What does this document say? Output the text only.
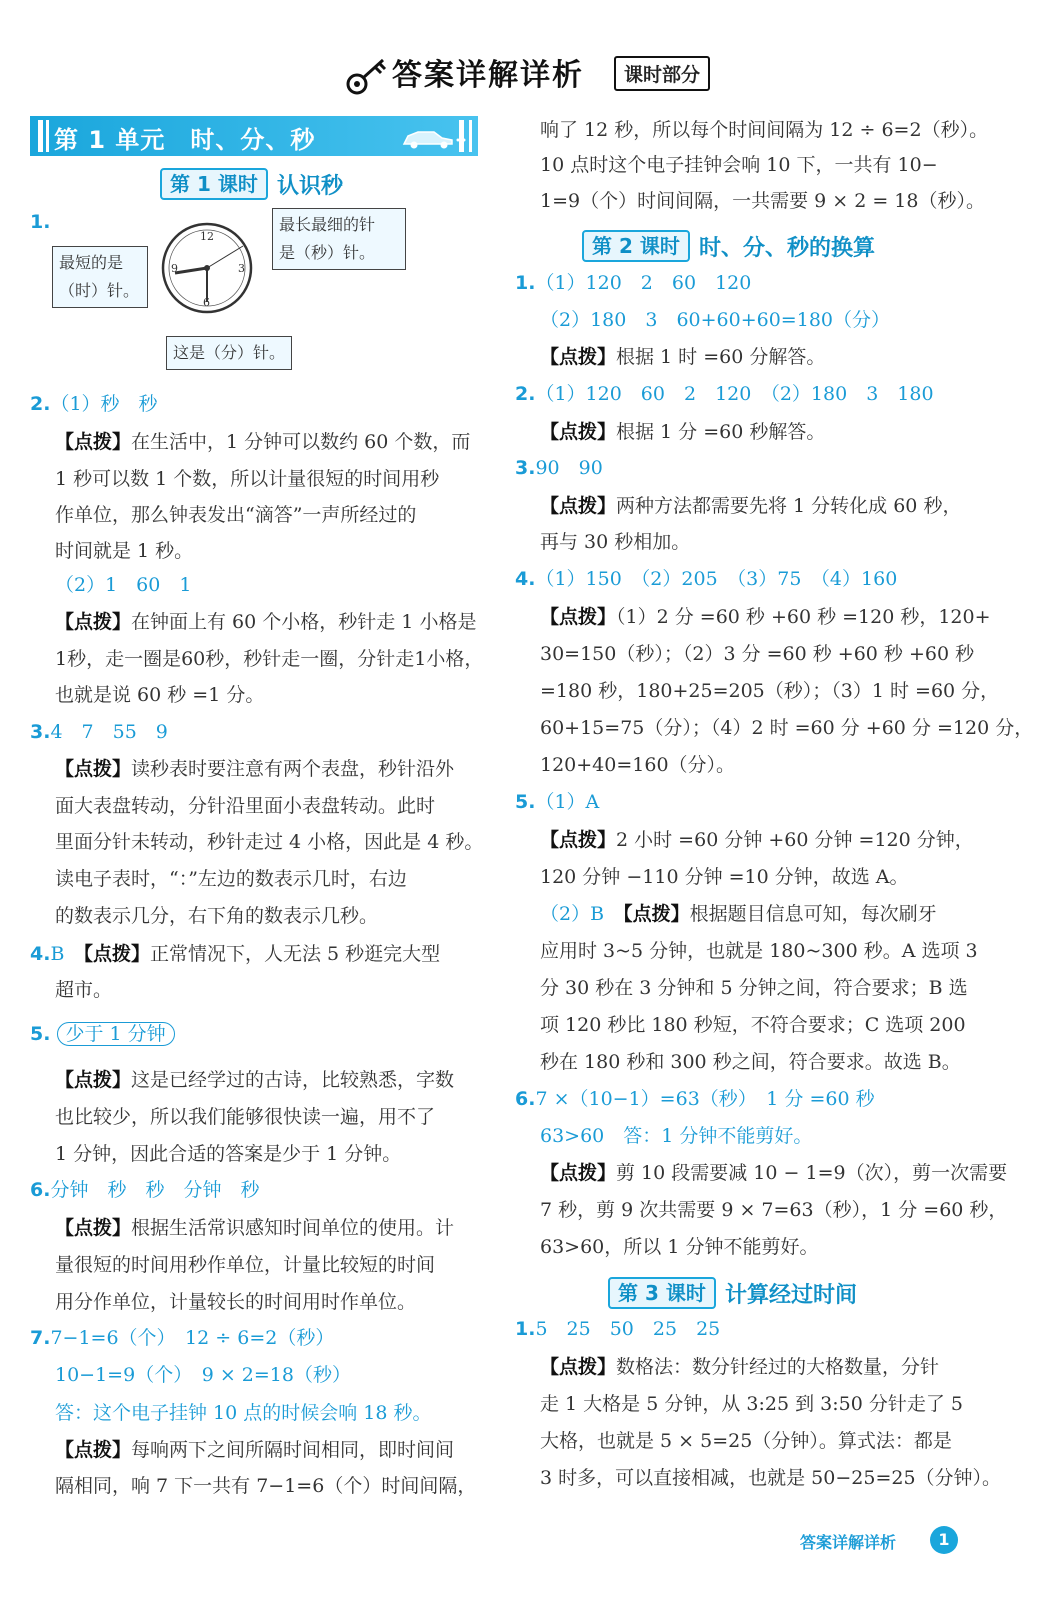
答案详解详析	课时部分
第 1 单元　时、分、秒
第 1 课时 认识秒
1.
12
3
6
9
最长最细的针
是（秒）针。
最短的是
（时）针。
这是（分）针。
2.（1）秒　秒
【点拨】在生活中，1 分钟可以数约 60 个数，而
1 秒可以数 1 个数，所以计量很短的时间用秒
作单位，那么钟表发出“滴答”一声所经过的
时间就是 1 秒。
（2）1　60　1
【点拨】在钟面上有 60 个小格，秒针走 1 小格是
1秒，走一圈是60秒，秒针走一圈，分针走1小格，
也就是说 60 秒 =1 分。
3.4　7　55　9
【点拨】读秒表时要注意有两个表盘，秒针沿外
面大表盘转动，分针沿里面小表盘转动。此时
里面分针未转动，秒针走过 4 小格，因此是 4 秒。
读电子表时，“：”左边的数表示几时，右边
的数表示几分，右下角的数表示几秒。
4.B　 【点拨】正常情况下，人无法 5 秒逛完大型
超市。
5. 少于 1 分钟
【点拨】这是已经学过的古诗，比较熟悉，字数
也比较少，所以我们能够很快读一遍，用不了
1 分钟，因此合适的答案是少于 1 分钟。
6.分钟　秒　秒　分钟　秒
【点拨】根据生活常识感知时间单位的使用。计
量很短的时间用秒作单位，计量比较短的时间
用分作单位，计量较长的时间用时作单位。
7.7−1=6（个）　12 ÷ 6=2（秒）
10−1=9（个）　9 × 2=18（秒）
答：这个电子挂钟 10 点的时候会响 18 秒。
【点拨】每响两下之间所隔时间相同，即时间间
隔相同，响 7 下一共有 7−1=6（个）时间间隔，
响了 12 秒，所以每个时间间隔为 12 ÷ 6=2（秒）。
10 点时这个电子挂钟会响 10 下，一共有 10−
1=9（个）时间间隔，一共需要 9 × 2 = 18（秒）。
第 2 课时 时、分、秒的换算
1.（1）120　2　60　120
（2）180　3　60+60+60=180（分）
【点拨】根据 1 时 =60 分解答。
2.（1）120　60　2　120　（2）180　3　180
【点拨】根据 1 分 =60 秒解答。
3.90　90
【点拨】两种方法都需要先将 1 分转化成 60 秒，
再与 30 秒相加。
4.（1）150　（2）205　（3）75　（4）160
【点拨】（1）2 分 =60 秒 +60 秒 =120 秒，120+
30=150（秒）；（2）3 分 =60 秒 +60 秒 +60 秒
=180 秒，180+25=205（秒）；（3）1 时 =60 分，
60+15=75（分）；（4）2 时 =60 分 +60 分 =120 分，
120+40=160（分）。
5.（1）A
【点拨】2 小时 =60 分钟 +60 分钟 =120 分钟，
120 分钟 −110 分钟 =10 分钟，故选 A。
（2）B　 【点拨】根据题目信息可知，每次刷牙
应用时 3~5 分钟，也就是 180~300 秒。A 选项 3
分 30 秒在 3 分钟和 5 分钟之间，符合要求；B 选
项 120 秒比 180 秒短，不符合要求；C 选项 200
秒在 180 秒和 300 秒之间，符合要求。故选 B。
6.7 ×（10−1）=63（秒）　1 分 =60 秒
63>60　答：1 分钟不能剪好。
【点拨】剪 10 段需要减 10 − 1=9（次），剪一次需要
7 秒，剪 9 次共需要 9 × 7=63（秒），1 分 =60 秒，
63>60，所以 1 分钟不能剪好。
第 3 课时 计算经过时间
1.5　25　50　25　25
【点拨】数格法：数分针经过的大格数量，分针
走 1 大格是 5 分钟，从 3:25 到 3:50 分针走了 5
大格，也就是 5 × 5=25（分钟）。算式法：都是
3 时多，可以直接相减，也就是 50−25=25（分钟）。
答案详解详析	1
